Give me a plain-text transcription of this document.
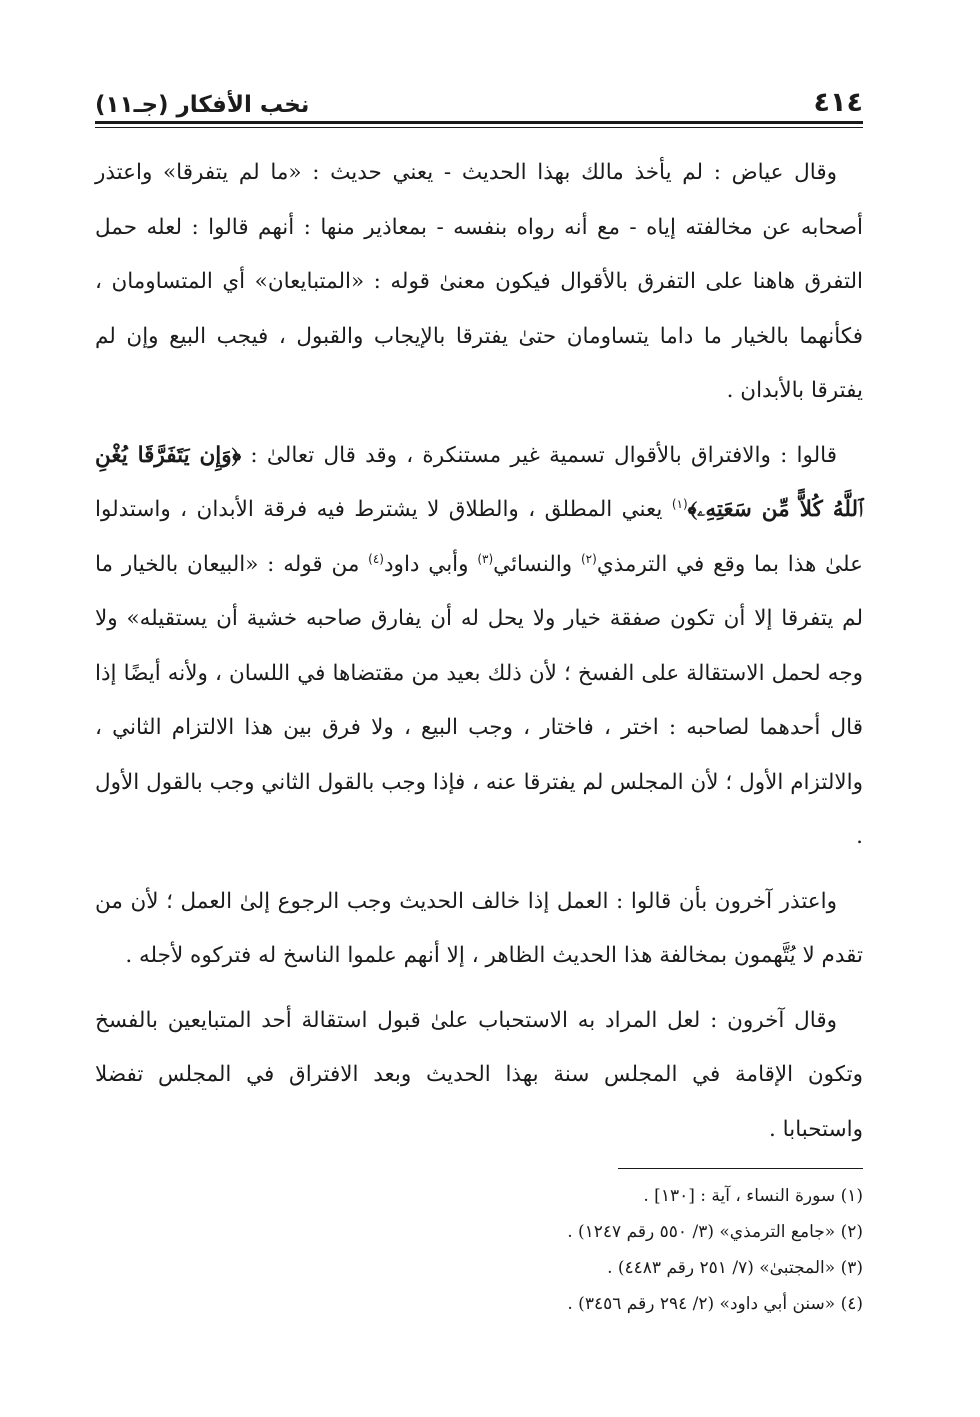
٤١٤
نخب الأفكار (جـ١١)

وقال عياض : لم يأخذ مالك بهذا الحديث - يعني حديث : «ما لم يتفرقا» واعتذر أصحابه عن مخالفته إياه - مع أنه رواه بنفسه - بمعاذير منها : أنهم قالوا : لعله حمل التفرق هاهنا على التفرق بالأقوال فيكون معنىٰ قوله : «المتبايعان» أي المتساومان ، فكأنهما بالخيار ما داما يتساومان حتىٰ يفترقا بالإيجاب والقبول ، فيجب البيع وإن لم يفترقا بالأبدان .

قالوا : والافتراق بالأقوال تسمية غير مستنكرة ، وقد قال تعالىٰ : ﴿وَإِن يَتَفَرَّقَا يُغْنِ ٱللَّهُ كُلاًّ مِّن سَعَتِهِۦ﴾$^{(١)}$ يعني المطلق ، والطلاق لا يشترط فيه فرقة الأبدان ، واستدلوا علىٰ هذا بما وقع في الترمذي$^{(٢)}$ والنسائي$^{(٣)}$ وأبي داود$^{(٤)}$ من قوله : «البيعان بالخيار ما لم يتفرقا إلا أن تكون صفقة خيار ولا يحل له أن يفارق صاحبه خشية أن يستقيله» ولا وجه لحمل الاستقالة على الفسخ ؛ لأن ذلك بعيد من مقتضاها في اللسان ، ولأنه أيضًا إذا قال أحدهما لصاحبه : اختر ، فاختار ، وجب البيع ، ولا فرق بين هذا الالتزام الثاني ، والالتزام الأول ؛ لأن المجلس لم يفترقا عنه ، فإذا وجب بالقول الثاني وجب بالقول الأول .

واعتذر آخرون بأن قالوا : العمل إذا خالف الحديث وجب الرجوع إلىٰ العمل ؛ لأن من تقدم لا يُتَّهمون بمخالفة هذا الحديث الظاهر ، إلا أنهم علموا الناسخ له فتركوه لأجله .

وقال آخرون : لعل المراد به الاستحباب علىٰ قبول استقالة أحد المتبايعين بالفسخ وتكون الإقامة في المجلس سنة بهذا الحديث وبعد الافتراق في المجلس تفضلا واستحبابا .

(١) سورة النساء ، آية : [١٣٠] .

(٢) «جامع الترمذي» (٣/ ٥٥٠ رقم ١٢٤٧) .

(٣) «المجتبىٰ» (٧/ ٢٥١ رقم ٤٤٨٣) .

(٤) «سنن أبي داود» (٢/ ٢٩٤ رقم ٣٤٥٦) .
